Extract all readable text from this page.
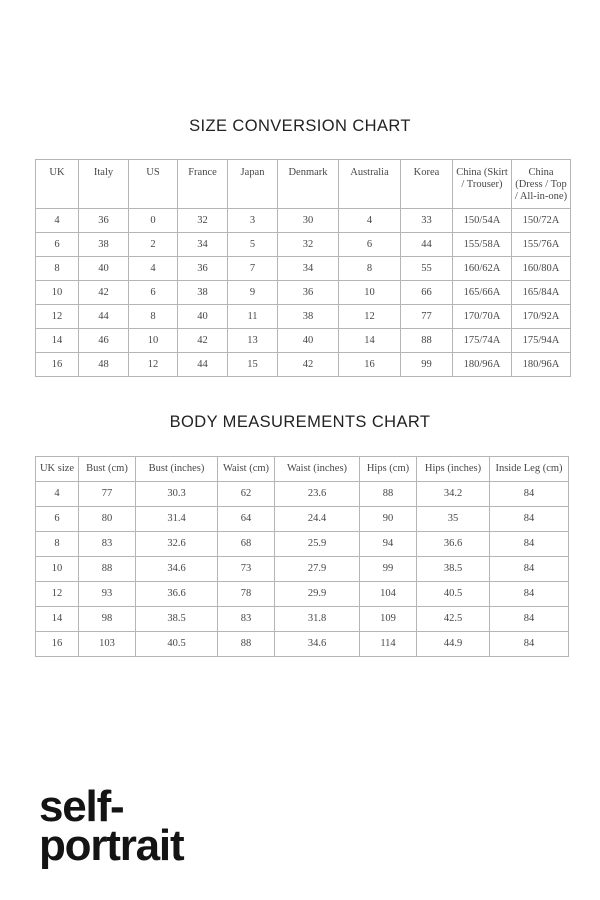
SIZE CONVERSION CHART
UK	Italy	US	France	Japan	Denmark	Australia	Korea	China (Skirt / Trouser)	China (Dress / Top / All-in-one)
4	36	0	32	3	30	4	33	150/54A	150/72A
6	38	2	34	5	32	6	44	155/58A	155/76A
8	40	4	36	7	34	8	55	160/62A	160/80A
10	42	6	38	9	36	10	66	165/66A	165/84A
12	44	8	40	11	38	12	77	170/70A	170/92A
14	46	10	42	13	40	14	88	175/74A	175/94A
16	48	12	44	15	42	16	99	180/96A	180/96A
BODY MEASUREMENTS CHART
UK size	Bust (cm)	Bust (inches)	Waist (cm)	Waist (inches)	Hips (cm)	Hips (inches)	Inside Leg (cm)
4	77	30.3	62	23.6	88	34.2	84
6	80	31.4	64	24.4	90	35	84
8	83	32.6	68	25.9	94	36.6	84
10	88	34.6	73	27.9	99	38.5	84
12	93	36.6	78	29.9	104	40.5	84
14	98	38.5	83	31.8	109	42.5	84
16	103	40.5	88	34.6	114	44.9	84
self-
portrait
